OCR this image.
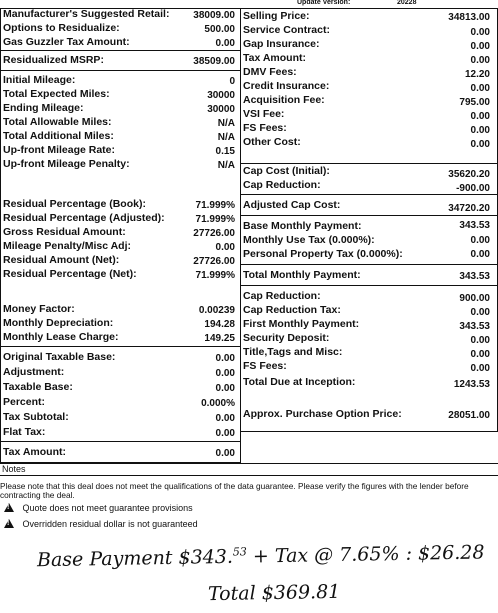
Update Version:	20228
Manufacturer's Suggested Retail: 38009.00
Options to Residualize:	500.00
Gas Guzzler Tax Amount:	0.00
Residualized MSRP:	38509.00
Initial Mileage:	0
Total Expected Miles:	30000
Ending Mileage:	30000
Total Allowable Miles:	N/A
Total Additional Miles:	N/A
Up-front Mileage Rate:	0.15
Up-front Mileage Penalty:	N/A
Residual Percentage (Book):	71.999%
Residual Percentage (Adjusted):	71.999%
Gross Residual Amount:	27726.00
Mileage Penalty/Misc Adj:	0.00
Residual Amount (Net):	27726.00
Residual Percentage (Net):	71.999%
Money Factor:	0.00239
Monthly Depreciation:	194.28
Monthly Lease Charge:	149.25
Original Taxable Base:	0.00
Adjustment:	0.00
Taxable Base:	0.00
Percent:	0.000%
Tax Subtotal:	0.00
Flat Tax:	0.00
Tax Amount:	0.00
Selling Price:	34813.00
Service Contract:	0.00
Gap Insurance:	0.00
Tax Amount:	0.00
DMV Fees:	12.20
Credit Insurance:	0.00
Acquisition Fee:	795.00
VSI Fee:	0.00
FS Fees:	0.00
Other Cost:	0.00
Cap Cost (Initial):	35620.20
Cap Reduction:	-900.00
Adjusted Cap Cost:	34720.20
Base Monthly Payment:	343.53
Monthly Use Tax (0.000%):	0.00
Personal Property Tax (0.000%):	0.00
Total Monthly Payment:	343.53
Cap Reduction:	900.00
Cap Reduction Tax:	0.00
First Monthly Payment:	343.53
Security Deposit:	0.00
Title,Tags and Misc:	0.00
FS Fees:	0.00
Total Due at Inception:	1243.53
Approx. Purchase Option Price:	28051.00
Notes
Please note that this deal does not meet the qualifications of the data guarantee. Please verify the figures with the lender before
contracting the deal.
! Quote does not meet guarantee provisions
! Overridden residual dollar is not guaranteed
Base Payment $343.53 + Tax @ 7.65% : $26.28
Total $369.81
